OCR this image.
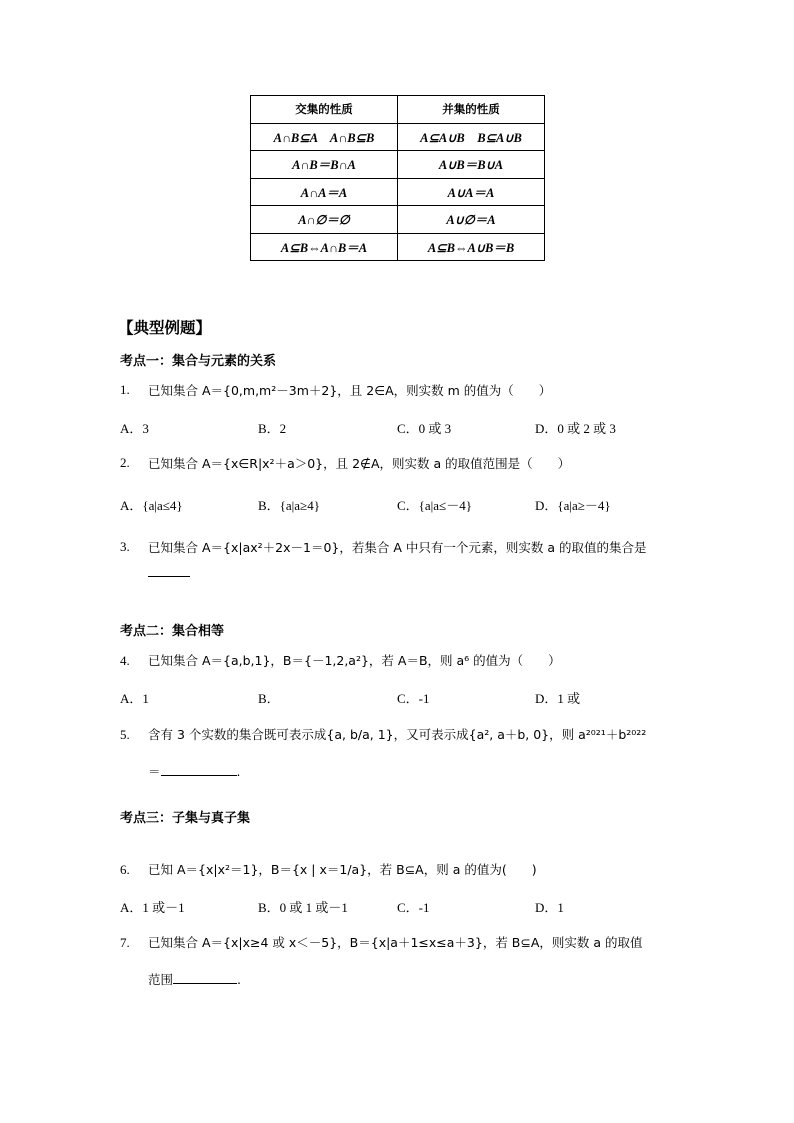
交集的性质	并集的性质
A∩B⊆A　A∩B⊆B	A⊆A∪B　B⊆A∪B
A∩B＝B∩A	A∪B＝B∪A
A∩A＝A	A∪A＝A
A∩∅＝∅	A∪∅＝A
A⊆B⇔A∩B＝A	A⊆B⇔A∪B＝B
【典型例题】
考点一：集合与元素的关系
1. 已知集合 A＝{0,m,m²－3m＋2}，且 2∈A，则实数 m 的值为（　　）
A．3	B．2	C．0 或 3	D．0 或 2 或 3
2. 已知集合 A＝{x∈R|x²＋a＞0}，且 2∉A，则实数 a 的取值范围是（　　）
A．{a|a≤4}	B．{a|a≥4}	C．{a|a≤－4}	D．{a|a≥－4}
3. 已知集合 A＝{x|ax²＋2x－1＝0}，若集合 A 中只有一个元素，则实数 a 的取值的集合是
考点二：集合相等
4. 已知集合 A＝{a,b,1}，B＝{－1,2,a²}，若 A＝B，则 a⁶ 的值为（　　）
A．1	B．	C．-1	D．1 或
5. 含有 3 个实数的集合既可表示成{a, b/a, 1}，又可表示成{a², a＋b, 0}，则 a²⁰²¹＋b²⁰²²
＝	.
考点三：子集与真子集
6. 已知 A＝{x|x²＝1}，B＝{x | x＝1/a}，若 B⊆A，则 a 的值为(　　)
A．1 或－1	B．0 或 1 或－1	C．-1	D．1
7. 已知集合 A＝{x|x≥4 或 x＜－5}，B＝{x|a＋1≤x≤a＋3}，若 B⊆A，则实数 a 的取值
范围	.
